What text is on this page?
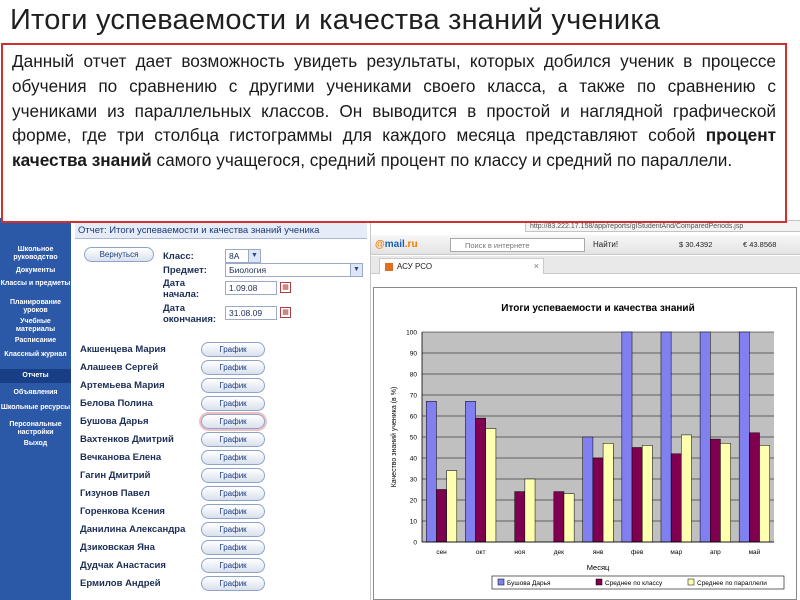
Итоги успеваемости и качества знаний ученика

Данный отчет дает возможность увидеть результаты, которых добился ученик в процессе обучения по сравнению с другими учениками своего класса, а также по сравнению с учениками из параллельных классов. Он выводится в простой и наглядной графической форме, где три столбца гистограммы для каждого месяца представляют собой процент качества знаний самого учащегося, средний процент по классу и средний по параллели.

Школьное руководство
Документы
Классы и предметы
Планирование уроков
Учебные материалы
Расписание
Классный журнал
Отчеты
Объявления
Школьные ресурсы
Персональные настройки
Выход
Отчет: Итоги успеваемости и качества знаний ученика
Вернуться	Класс:	8А	▼
Предмет:	Биология	▼
Дата
начала:
1.09.08	▦
Дата
окончания:
31.08.09	▦
Акшенцева Мария	График
Алашеев Сергей	График
Артемьева Мария	График
Белова Полина	График
Бушова Дарья	График
Вахтенков Дмитрий	График
Вечканова Елена	График
Гагин Дмитрий	График
Гизунов Павел	График
Горенкова Ксения	График
Данилина Александра	График
Дзиковская Яна	График
Дудчак Анастасия	График
Ермилов Андрей	График
http://83.222.17.158/app/reports/gIStudentAnd/ComparedPeriods.jsp
@mail.ru	Поиск в интернете	Найти!	$ 30.4392	€ 43.8568
АСУ РСО	×
Итоги успеваемости и качества знаний
0
10
20
30
40
50
60
70
80
90
100
сен	окт	ноя	дек	янв	фев	мар	апр	май
Месяц
Качество знаний ученика (в %)
Бушова Дарья	Среднее по классу	Среднее по параллели
